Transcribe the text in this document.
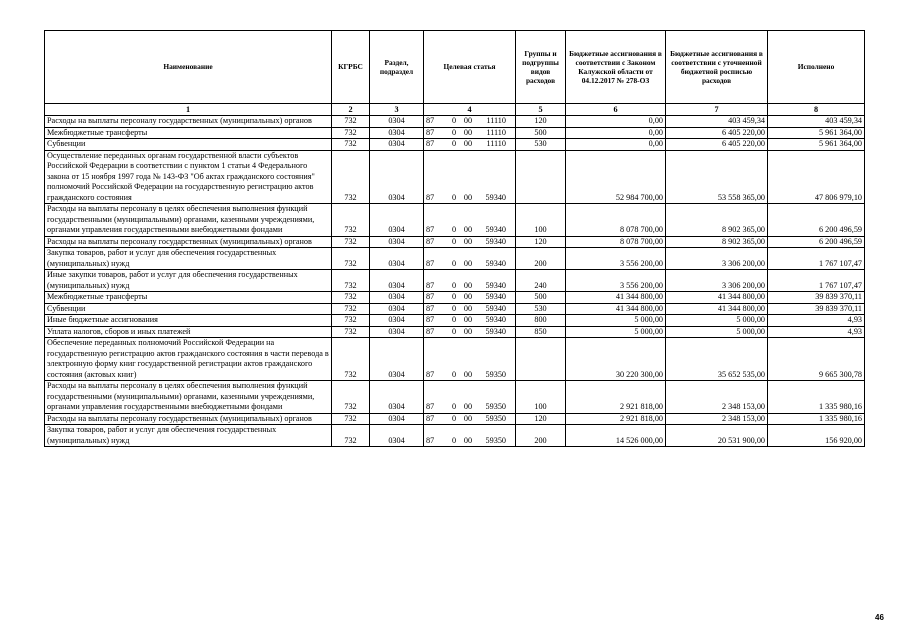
Наименование	КГРБС	Раздел, подраздел	Целевая статья	Группы и подгруппы видов расходов	Бюджетные ассигнования в соответствии с Законом Калужской области от 04.12.2017 № 278-ОЗ	Бюджетные ассигнования в соответствии с уточненной бюджетной росписью расходов	Исполнено
1	2	3	4	5	6	7	8
Расходы на выплаты персоналу государственных (муниципальных) органов	732	0304	87 0 00 11110	120	0,00	403 459,34	403 459,34
Межбюджетные трансферты	732	0304	87 0 00 11110	500	0,00	6 405 220,00	5 961 364,00
Субвенции	732	0304	87 0 00 11110	530	0,00	6 405 220,00	5 961 364,00
Осуществление переданных органам государственной власти субъектов Российской Федерации в соответствии с пунктом 1 статьи 4 Федерального закона от 15 ноября 1997 года № 143-ФЗ "Об актах гражданского состояния" полномочий Российской Федерации на государственную регистрацию актов гражданского состояния	732	0304	87 0 00 59340		52 984 700,00	53 558 365,00	47 806 979,10
Расходы на выплаты персоналу в целях обеспечения выполнения функций государственными (муниципальными) органами, казенными учреждениями, органами управления государственными внебюджетными фондами	732	0304	87 0 00 59340	100	8 078 700,00	8 902 365,00	6 200 496,59
Расходы на выплаты персоналу государственных (муниципальных) органов	732	0304	87 0 00 59340	120	8 078 700,00	8 902 365,00	6 200 496,59
Закупка товаров, работ и услуг для обеспечения государственных (муниципальных) нужд	732	0304	87 0 00 59340	200	3 556 200,00	3 306 200,00	1 767 107,47
Иные закупки товаров, работ и услуг для обеспечения государственных (муниципальных) нужд	732	0304	87 0 00 59340	240	3 556 200,00	3 306 200,00	1 767 107,47
Межбюджетные трансферты	732	0304	87 0 00 59340	500	41 344 800,00	41 344 800,00	39 839 370,11
Субвенции	732	0304	87 0 00 59340	530	41 344 800,00	41 344 800,00	39 839 370,11
Иные бюджетные ассигнования	732	0304	87 0 00 59340	800	5 000,00	5 000,00	4,93
Уплата налогов, сборов и иных платежей	732	0304	87 0 00 59340	850	5 000,00	5 000,00	4,93
Обеспечение переданных полномочий Российской Федерации на государственную регистрацию актов гражданского состояния в части перевода в электронную форму книг государственной регистрации актов гражданского состояния (актовых книг)	732	0304	87 0 00 59350		30 220 300,00	35 652 535,00	9 665 300,78
Расходы на выплаты персоналу в целях обеспечения выполнения функций государственными (муниципальными) органами, казенными учреждениями, органами управления государственными внебюджетными фондами	732	0304	87 0 00 59350	100	2 921 818,00	2 348 153,00	1 335 980,16
Расходы на выплаты персоналу государственных (муниципальных) органов	732	0304	87 0 00 59350	120	2 921 818,00	2 348 153,00	1 335 980,16
Закупка товаров, работ и услуг для обеспечения государственных (муниципальных) нужд	732	0304	87 0 00 59350	200	14 526 000,00	20 531 900,00	156 920,00
46
